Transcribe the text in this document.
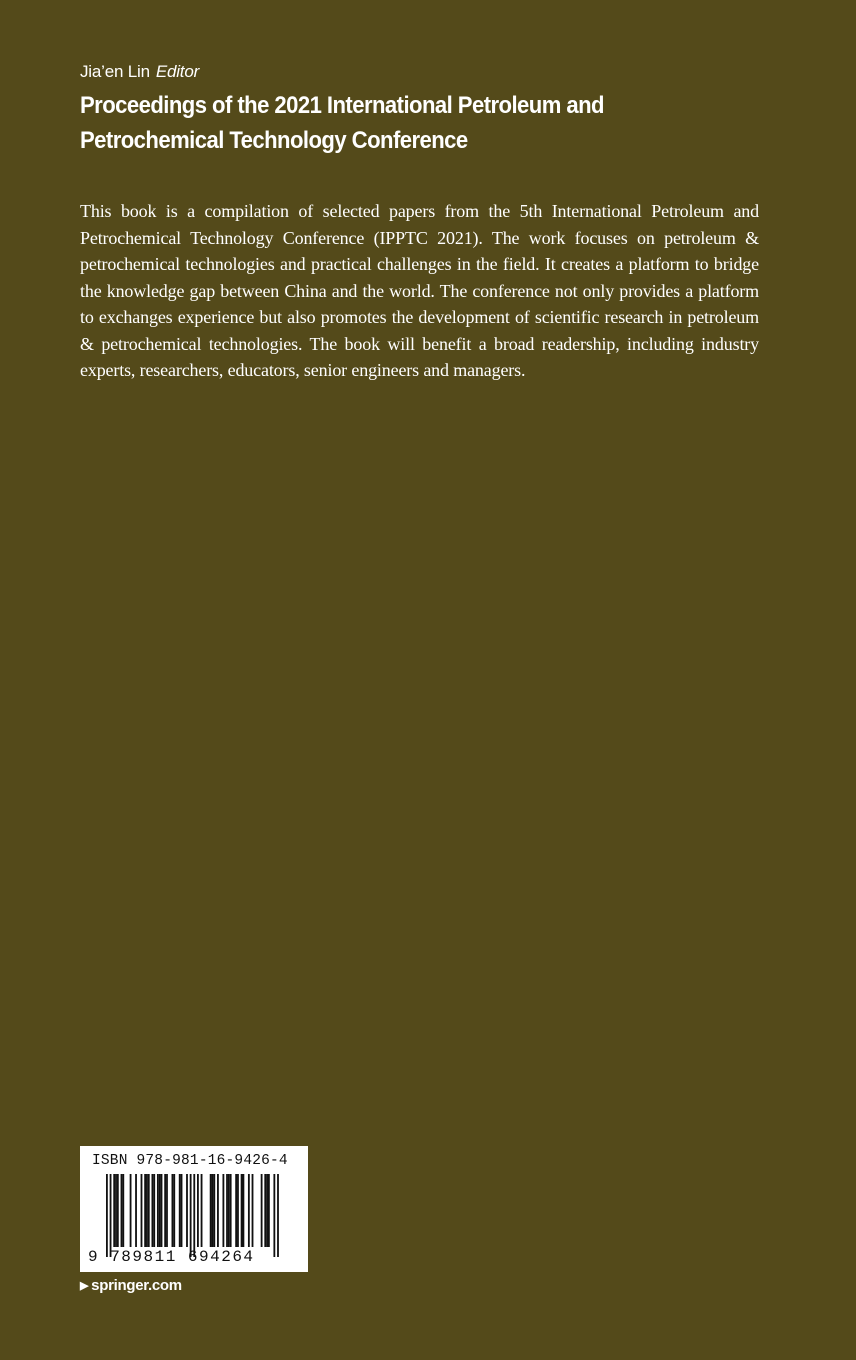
Jia’en Lin Editor
Proceedings of the 2021 International Petroleum and Petrochemical Technology Conference

This book is a compilation of selected papers from the 5th International Petroleum and Petrochemical Technology Conference (IPPTC 2021). The work focuses on petroleum & petrochemical technologies and practical challenges in the field. It creates a platform to bridge the knowledge gap between China and the world. The conference not only provides a platform to exchanges experience but also promotes the development of scientific research in petroleum & petrochemical technologies. The book will benefit a broad readership, including industry experts, researchers, educators, senior engineers and managers.

ISBN 978-981-16-9426-4
9 789811 694264
▶ springer.com
